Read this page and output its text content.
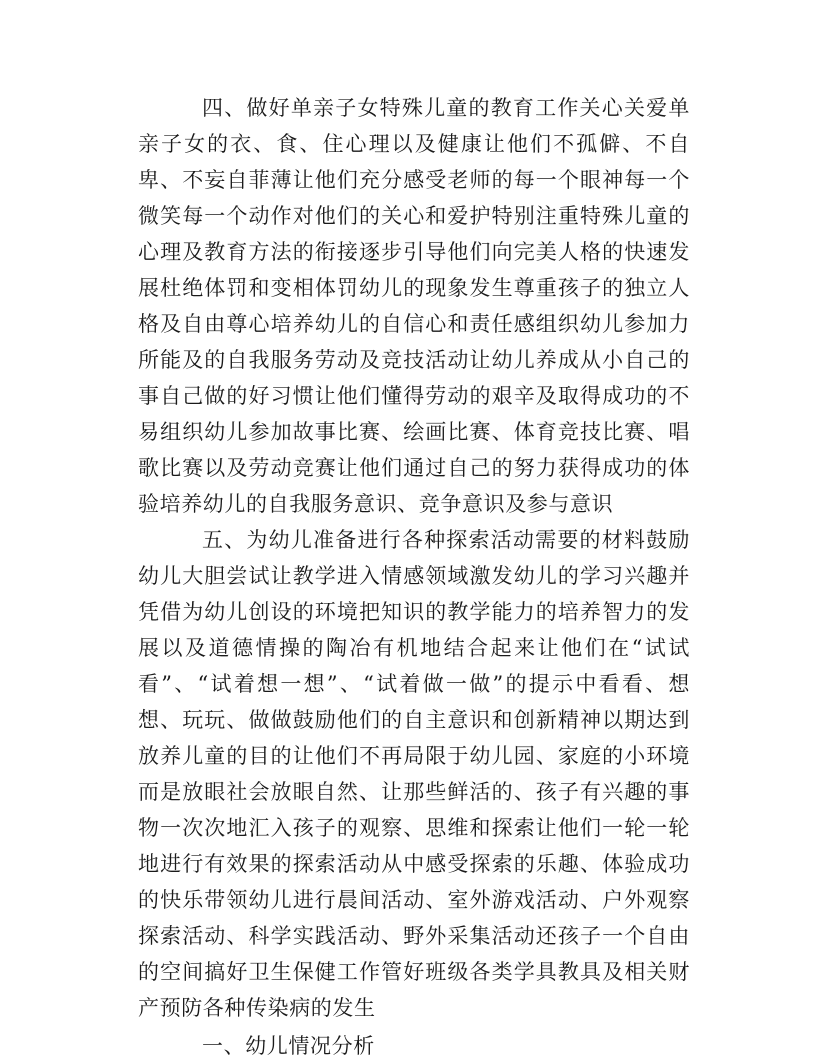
四、做好单亲子女特殊儿童的教育工作关心关爱单亲子女的衣、食、住心理以及健康让他们不孤僻、不自卑、不妄自菲薄让他们充分感受老师的每一个眼神每一个微笑每一个动作对他们的关心和爱护特别注重特殊儿童的心理及教育方法的衔接逐步引导他们向完美人格的快速发展杜绝体罚和变相体罚幼儿的现象发生尊重孩子的独立人格及自由尊心培养幼儿的自信心和责任感组织幼儿参加力所能及的自我服务劳动及竞技活动让幼儿养成从小自己的事自己做的好习惯让他们懂得劳动的艰辛及取得成功的不易组织幼儿参加故事比赛、绘画比赛、体育竞技比赛、唱歌比赛以及劳动竞赛让他们通过自己的努力获得成功的体验培养幼儿的自我服务意识、竞争意识及参与意识

五、为幼儿准备进行各种探索活动需要的材料鼓励幼儿大胆尝试让教学进入情感领域激发幼儿的学习兴趣并凭借为幼儿创设的环境把知识的教学能力的培养智力的发展以及道德情操的陶冶有机地结合起来让他们在“试试看”、“试着想一想”、“试着做一做”的提示中看看、想想、玩玩、做做鼓励他们的自主意识和创新精神以期达到放养儿童的目的让他们不再局限于幼儿园、家庭的小环境而是放眼社会放眼自然、让那些鲜活的、孩子有兴趣的事物一次次地汇入孩子的观察、思维和探索让他们一轮一轮地进行有效果的探索活动从中感受探索的乐趣、体验成功的快乐带领幼儿进行晨间活动、室外游戏活动、户外观察探索活动、科学实践活动、野外采集活动还孩子一个自由的空间搞好卫生保健工作管好班级各类学具教具及相关财产预防各种传染病的发生

一、幼儿情况分析
